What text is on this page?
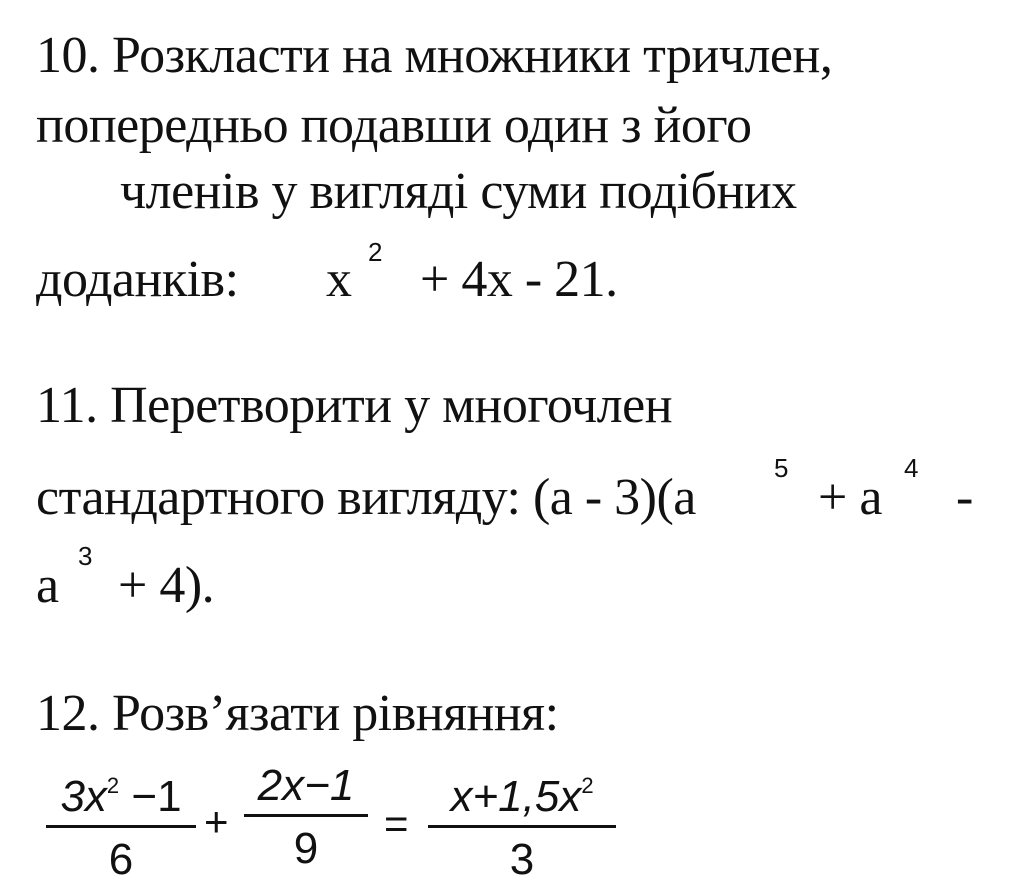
10. Розкласти на множники тричлен,
попередньо подавши один з його
членів у вигляді суми подібних
доданків: x 2 + 4x - 21.
11. Перетворити у многочлен
стандартного вигляду: (a - 3)(a
5
+ a
4
-
a
3
+ 4).
12. Розв’язати рівняння:
$3x^2 -1$
6
+
2x−1
9
=
$x+1,5x^2$
3
